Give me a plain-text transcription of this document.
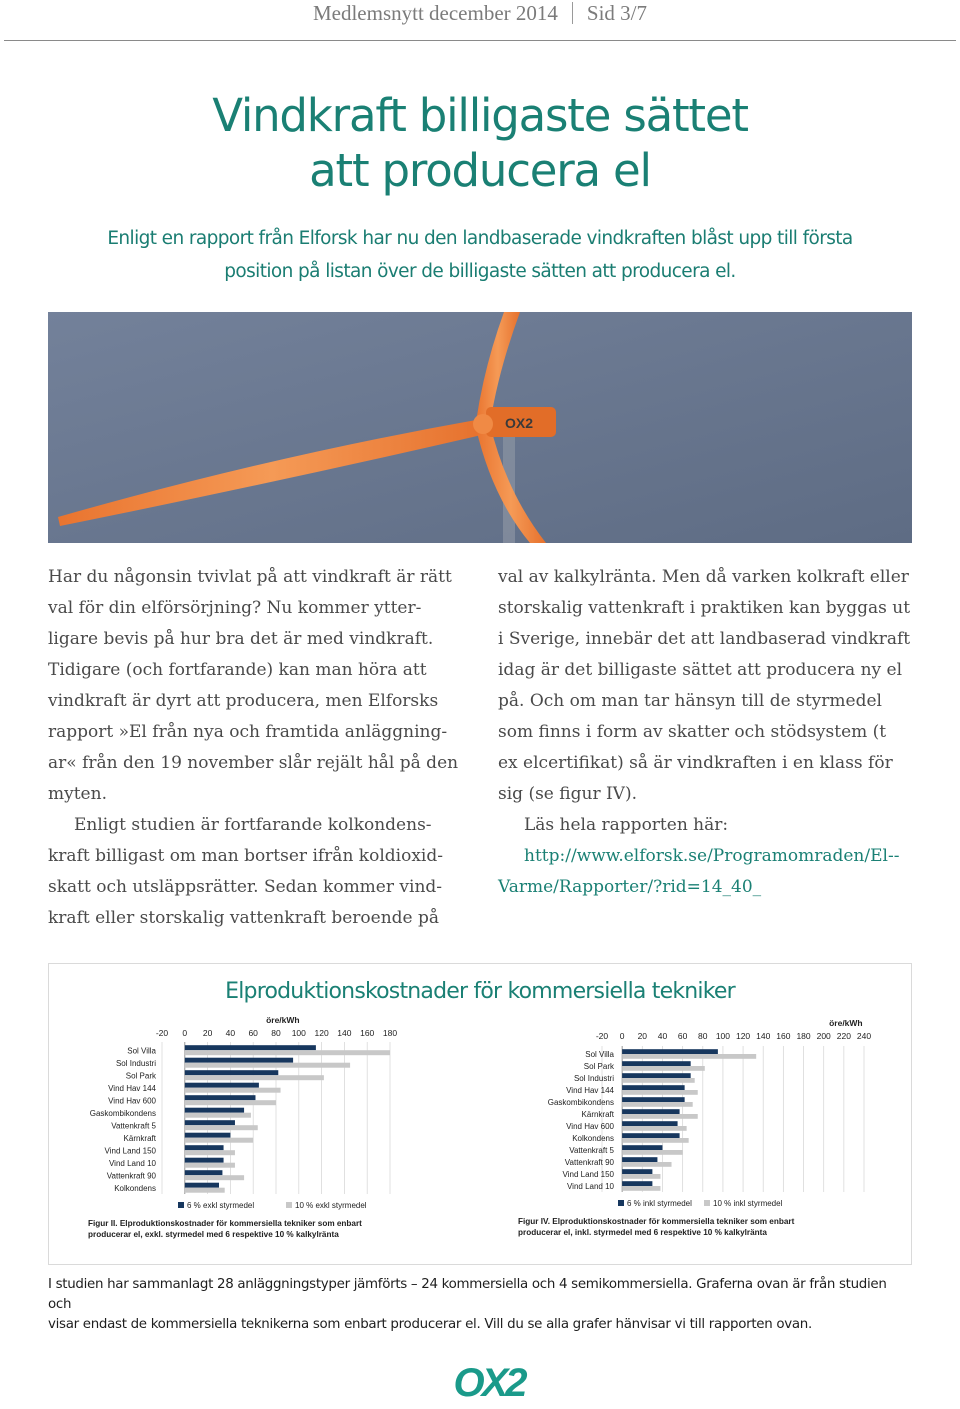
Medlemsnytt december 2014 Sid 3/7
Vindkraft billigaste sättet
att producera el
Enligt en rapport från Elforsk har nu den landbaserade vindkraften blåst upp till första
position på listan över de billigaste sätten att producera el.
OX2

Har du någonsin tvivlat på att vindkraft är rätt

val för din elförsörjning? Nu kommer ytter-

ligare bevis på hur bra det är med vindkraft.

Tidigare (och fortfarande) kan man höra att

vindkraft är dyrt att producera, men Elforsks

rapport »El från nya och framtida anläggning-

ar« från den 19 november slår rejält hål på den

myten.

Enligt studien är fortfarande kolkondens-

kraft billigast om man bortser ifrån koldioxid-

skatt och utsläppsrätter. Sedan kommer vind-

kraft eller storskalig vattenkraft beroende på

val av kalkylränta. Men då varken kolkraft eller

storskalig vattenkraft i praktiken kan byggas ut

i Sverige, innebär det att landbaserad vindkraft

idag är det billigaste sättet att producera ny el

på. Och om man tar hänsyn till de styrmedel

som finns i form av skatter och stödsystem (t

ex elcertifikat) så är vindkraften i en klass för

sig (se figur IV).

Läs hela rapporten här:

http://www.elforsk.se/Programomraden/El--

Varme/Rapporter/?rid=14_40_

Elproduktionskostnader för kommersiella tekniker
öre/kWh
-20 0 20 40 60 80 100 120 140 160 180
Sol Villa
Sol Industri
Sol Park
Vind Hav 144
Vind Hav 600
Gaskombikondens
Vattenkraft 5
Kärnkraft
Vind Land 150
Vind Land 10
Vattenkraft 90
Kolkondens
6 % exkl styrmedel	10 % exkl styrmedel
Figur II. Elproduktionskostnader för kommersiella tekniker som enbart
producerar el, exkl. styrmedel med 6 respektive 10 % kalkylränta
öre/kWh
-20 0 20 40 60 80 100 120 140 160 180 200 220 240
Sol Villa
Sol Park
Sol Industri
Vind Hav 144
Gaskombikondens
Kärnkraft
Vind Hav 600
Kolkondens
Vattenkraft 5
Vattenkraft 90
Vind Land 150
Vind Land 10
6 % inkl styrmedel	10 % inkl styrmedel
Figur IV. Elproduktionskostnader för kommersiella tekniker som enbart
producerar el, inkl. styrmedel med 6 respektive 10 % kalkylränta
I studien har sammanlagt 28 anläggningstyper jämförts – 24 kommersiella och 4 semikommersiella. Graferna ovan är från studien och
visar endast de kommersiella teknikerna som enbart producerar el. Vill du se alla grafer hänvisar vi till rapporten ovan.
OX2
